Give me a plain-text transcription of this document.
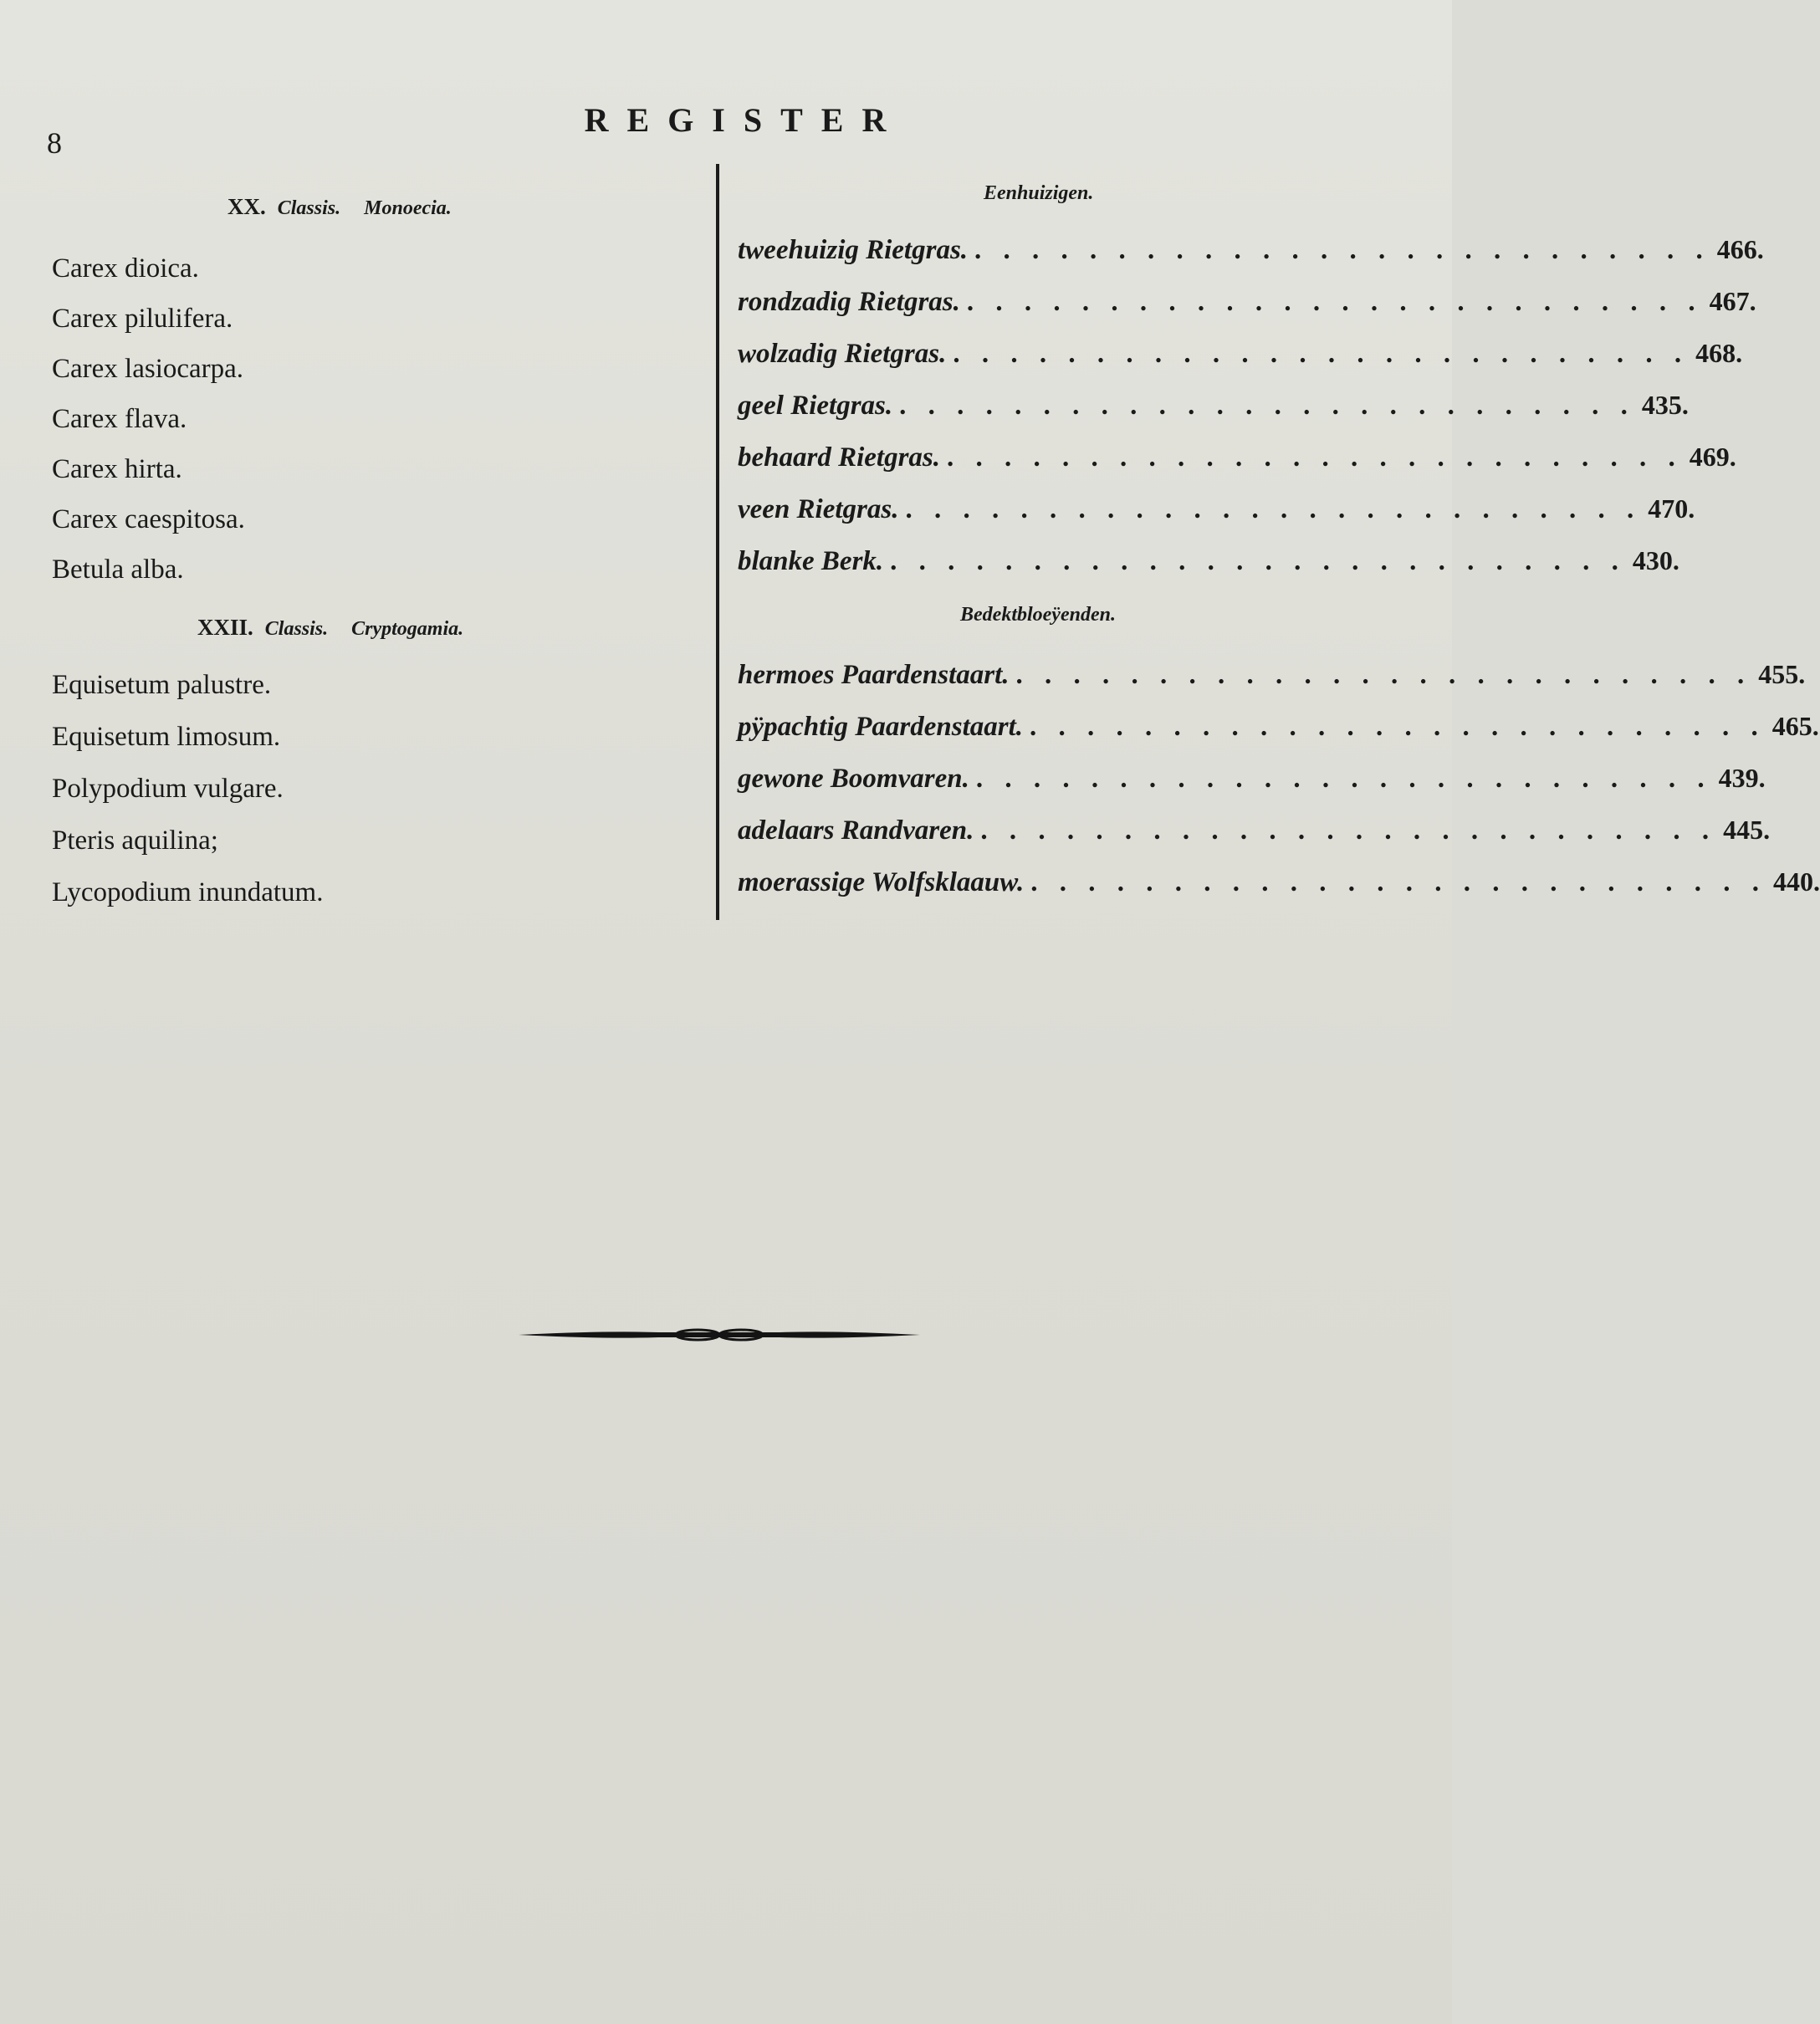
8
REGISTER
XX. Classis. Monoecia.
Carex dioica.
Carex pilulifera.
Carex lasiocarpa.
Carex flava.
Carex hirta.
Carex caespitosa.
Betula alba.
XXII. Classis. Cryptogamia.
Equisetum palustre.
Equisetum limosum.
Polypodium vulgare.
Pteris aquilina;
Lycopodium inundatum.
Eenhuizigen.
tweehuizig Rietgras. . . . . . . . . . . . . . . . . . . . . . . . . . . 466.
rondzadig Rietgras. . . . . . . . . . . . . . . . . . . . . . . . . . . 467.
wolzadig Rietgras. . . . . . . . . . . . . . . . . . . . . . . . . . . 468.
geel Rietgras. . . . . . . . . . . . . . . . . . . . . . . . . . . 435.
behaard Rietgras. . . . . . . . . . . . . . . . . . . . . . . . . . . 469.
veen Rietgras. . . . . . . . . . . . . . . . . . . . . . . . . . . 470.
blanke Berk. . . . . . . . . . . . . . . . . . . . . . . . . . . 430.
Bedektbloeÿenden.
hermoes Paardenstaart. . . . . . . . . . . . . . . . . . . . . . . . . . . 455.
pÿpachtig Paardenstaart. . . . . . . . . . . . . . . . . . . . . . . . . . . 465.
gewone Boomvaren. . . . . . . . . . . . . . . . . . . . . . . . . . . 439.
adelaars Randvaren. . . . . . . . . . . . . . . . . . . . . . . . . . . 445.
moerassige Wolfsklaauw. . . . . . . . . . . . . . . . . . . . . . . . . . . 440.
